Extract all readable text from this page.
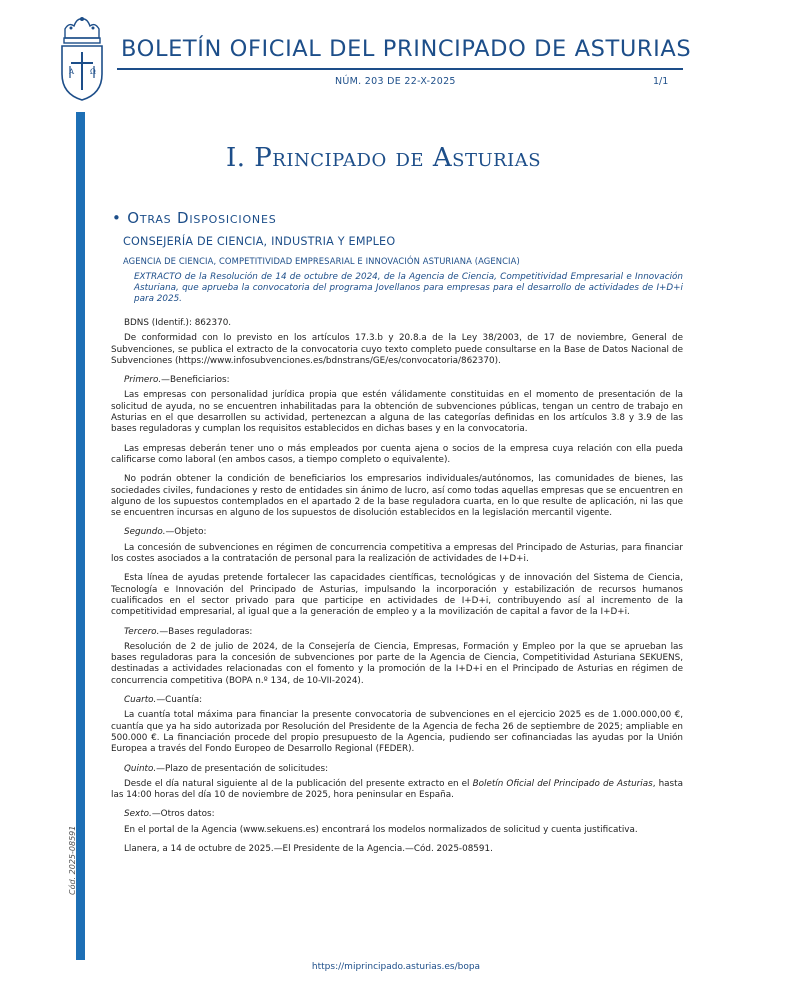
A Ω
BOLETÍN OFICIAL DEL PRINCIPADO DE ASTURIAS
NÚM. 203 DE 22-X-2025	1/1
Cód. 2025-08591
I. Principado de Asturias
• Otras Disposiciones
CONSEJERÍA DE CIENCIA, INDUSTRIA Y EMPLEO
AGENCIA DE CIENCIA, COMPETITIVIDAD EMPRESARIAL E INNOVACIÓN ASTURIANA (AGENCIA)
EXTRACTO de la Resolución de 14 de octubre de 2024, de la Agencia de Ciencia, Competitividad Empresarial e Innovación Asturiana, que aprueba la convocatoria del programa Jovellanos para empresas para el desarrollo de actividades de I+D+i para 2025.

BDNS (Identif.): 862370.

De conformidad con lo previsto en los artículos 17.3.b y 20.8.a de la Ley 38/2003, de 17 de noviembre, General de Subvenciones, se publica el extracto de la convocatoria cuyo texto completo puede consultarse en la Base de Datos Nacional de Subvenciones (https://www.infosubvenciones.es/bdnstrans/GE/es/convocatoria/862370).

Primero.—Beneficiarios:

Las empresas con personalidad jurídica propia que estén válidamente constituidas en el momento de presentación de la solicitud de ayuda, no se encuentren inhabilitadas para la obtención de subvenciones públicas, tengan un centro de trabajo en Asturias en el que desarrollen su actividad, pertenezcan a alguna de las categorías definidas en los artículos 3.8 y 3.9 de las bases reguladoras y cumplan los requisitos establecidos en dichas bases y en la convocatoria.

Las empresas deberán tener uno o más empleados por cuenta ajena o socios de la empresa cuya relación con ella pueda calificarse como laboral (en ambos casos, a tiempo completo o equivalente).

No podrán obtener la condición de beneficiarios los empresarios individuales/autónomos, las comunidades de bienes, las sociedades civiles, fundaciones y resto de entidades sin ánimo de lucro, así como todas aquellas empresas que se encuentren en alguno de los supuestos contemplados en el apartado 2 de la base reguladora cuarta, en lo que resulte de aplicación, ni las que se encuentren incursas en alguno de los supuestos de disolución establecidos en la legislación mercantil vigente.

Segundo.—Objeto:

La concesión de subvenciones en régimen de concurrencia competitiva a empresas del Principado de Asturias, para financiar los costes asociados a la contratación de personal para la realización de actividades de I+D+i.

Esta línea de ayudas pretende fortalecer las capacidades científicas, tecnológicas y de innovación del Sistema de Ciencia, Tecnología e Innovación del Principado de Asturias, impulsando la incorporación y estabilización de recursos humanos cualificados en el sector privado para que participe en actividades de I+D+i, contribuyendo así al incremento de la competitividad empresarial, al igual que a la generación de empleo y a la movilización de capital a favor de la I+D+i.

Tercero.—Bases reguladoras:

Resolución de 2 de julio de 2024, de la Consejería de Ciencia, Empresas, Formación y Empleo por la que se aprueban las bases reguladoras para la concesión de subvenciones por parte de la Agencia de Ciencia, Competitividad Asturiana SEKUENS, destinadas a actividades relacionadas con el fomento y la promoción de la I+D+i en el Principado de Asturias en régimen de concurrencia competitiva (BOPA n.º 134, de 10-VII-2024).

Cuarto.—Cuantía:

La cuantía total máxima para financiar la presente convocatoria de subvenciones en el ejercicio 2025 es de 1.000.000,00 €, cuantía que ya ha sido autorizada por Resolución del Presidente de la Agencia de fecha 26 de septiembre de 2025; ampliable en 500.000 €. La financiación procede del propio presupuesto de la Agencia, pudiendo ser cofinanciadas las ayudas por la Unión Europea a través del Fondo Europeo de Desarrollo Regional (FEDER).

Quinto.—Plazo de presentación de solicitudes:

Desde el día natural siguiente al de la publicación del presente extracto en el Boletín Oficial del Principado de Asturias, hasta las 14:00 horas del día 10 de noviembre de 2025, hora peninsular en España.

Sexto.—Otros datos:

En el portal de la Agencia (www.sekuens.es) encontrará los modelos normalizados de solicitud y cuenta justificativa.

Llanera, a 14 de octubre de 2025.—El Presidente de la Agencia.—Cód. 2025-08591.

https://miprincipado.asturias.es/bopa
